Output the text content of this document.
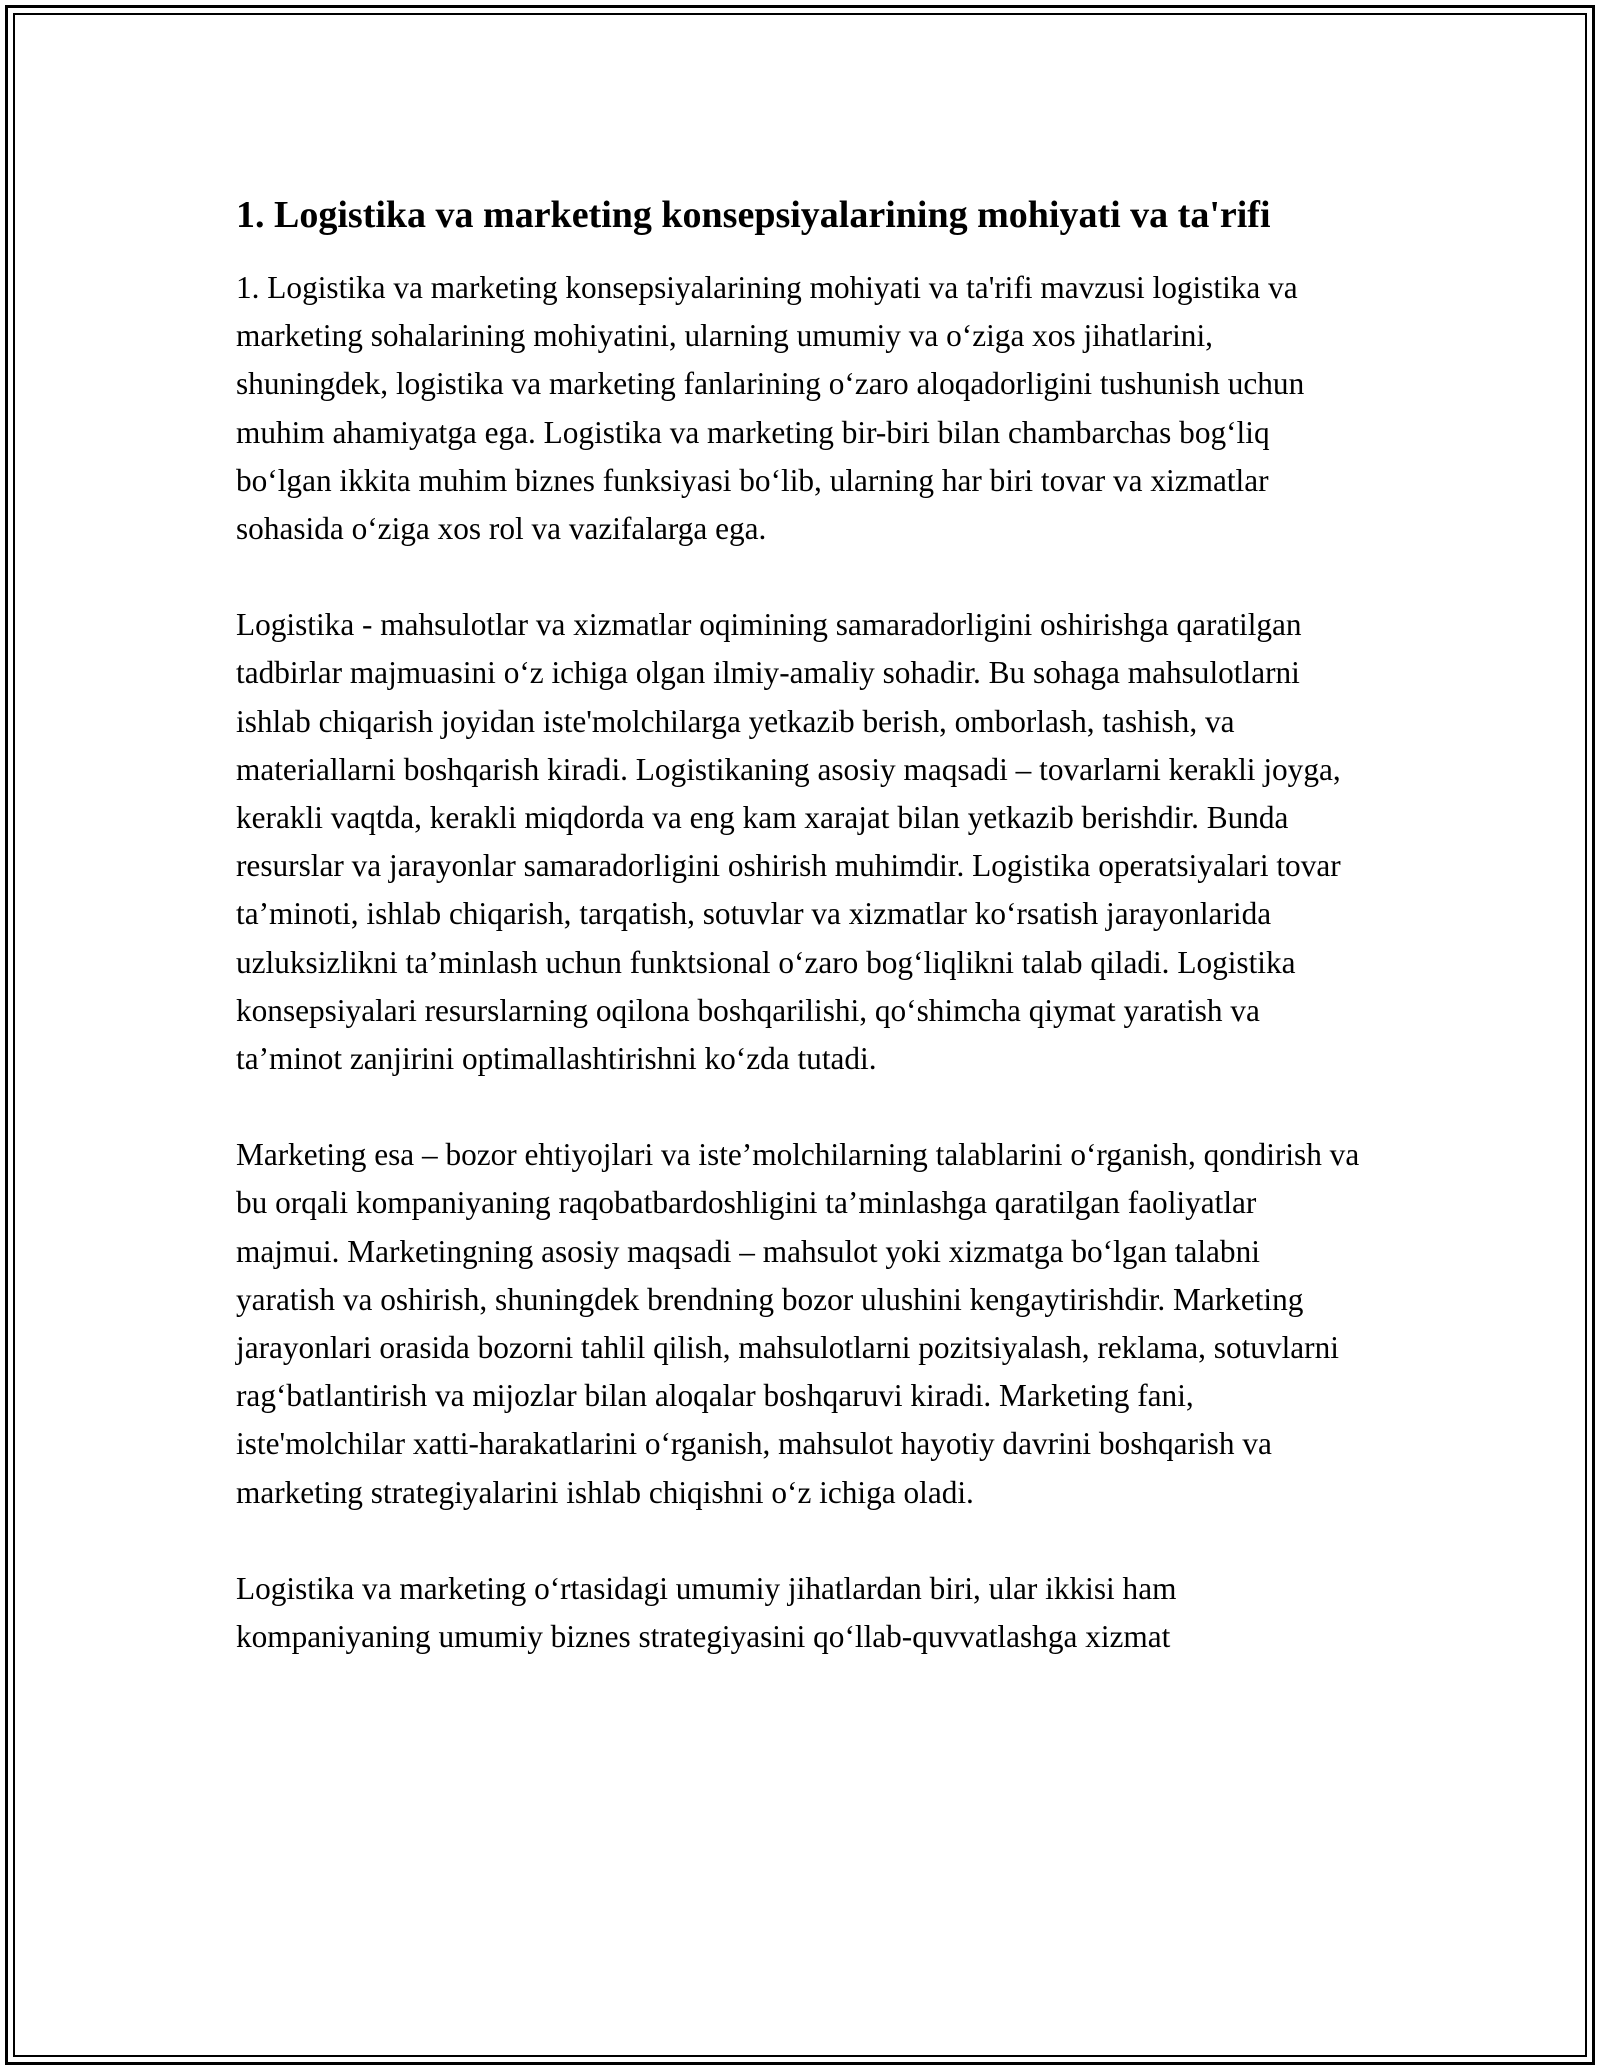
1. Logistika va marketing konsepsiyalarining mohiyati va ta'rifi

1. Logistika va marketing konsepsiyalarining mohiyati va ta'rifi mavzusi logistika va marketing sohalarining mohiyatini, ularning umumiy va o‘ziga xos jihatlarini, shuningdek, logistika va marketing fanlarining o‘zaro aloqadorligini tushunish uchun muhim ahamiyatga ega. Logistika va marketing bir-biri bilan chambarchas bog‘liq bo‘lgan ikkita muhim biznes funksiyasi bo‘lib, ularning har biri tovar va xizmatlar sohasida o‘ziga xos rol va vazifalarga ega.

Logistika - mahsulotlar va xizmatlar oqimining samaradorligini oshirishga qaratilgan tadbirlar majmuasini o‘z ichiga olgan ilmiy-amaliy sohadir. Bu sohaga mahsulotlarni ishlab chiqarish joyidan iste'molchilarga yetkazib berish, omborlash, tashish, va materiallarni boshqarish kiradi. Logistikaning asosiy maqsadi – tovarlarni kerakli joyga, kerakli vaqtda, kerakli miqdorda va eng kam xarajat bilan yetkazib berishdir. Bunda resurslar va jarayonlar samaradorligini oshirish muhimdir. Logistika operatsiyalari tovar ta’minoti, ishlab chiqarish, tarqatish, sotuvlar va xizmatlar ko‘rsatish jarayonlarida uzluksizlikni ta’minlash uchun funktsional o‘zaro bog‘liqlikni talab qiladi. Logistika konsepsiyalari resurslarning oqilona boshqarilishi, qo‘shimcha qiymat yaratish va ta’minot zanjirini optimallashtirishni ko‘zda tutadi.

Marketing esa – bozor ehtiyojlari va iste’molchilarning talablarini o‘rganish, qondirish va bu orqali kompaniyaning raqobatbardoshligini ta’minlashga qaratilgan faoliyatlar majmui. Marketingning asosiy maqsadi – mahsulot yoki xizmatga bo‘lgan talabni yaratish va oshirish, shuningdek brendning bozor ulushini kengaytirishdir. Marketing jarayonlari orasida bozorni tahlil qilish, mahsulotlarni pozitsiyalash, reklama, sotuvlarni rag‘batlantirish va mijozlar bilan aloqalar boshqaruvi kiradi. Marketing fani, iste'molchilar xatti-harakatlarini o‘rganish, mahsulot hayotiy davrini boshqarish va marketing strategiyalarini ishlab chiqishni o‘z ichiga oladi.

Logistika va marketing o‘rtasidagi umumiy jihatlardan biri, ular ikkisi ham kompaniyaning umumiy biznes strategiyasini qo‘llab-quvvatlashga xizmat
